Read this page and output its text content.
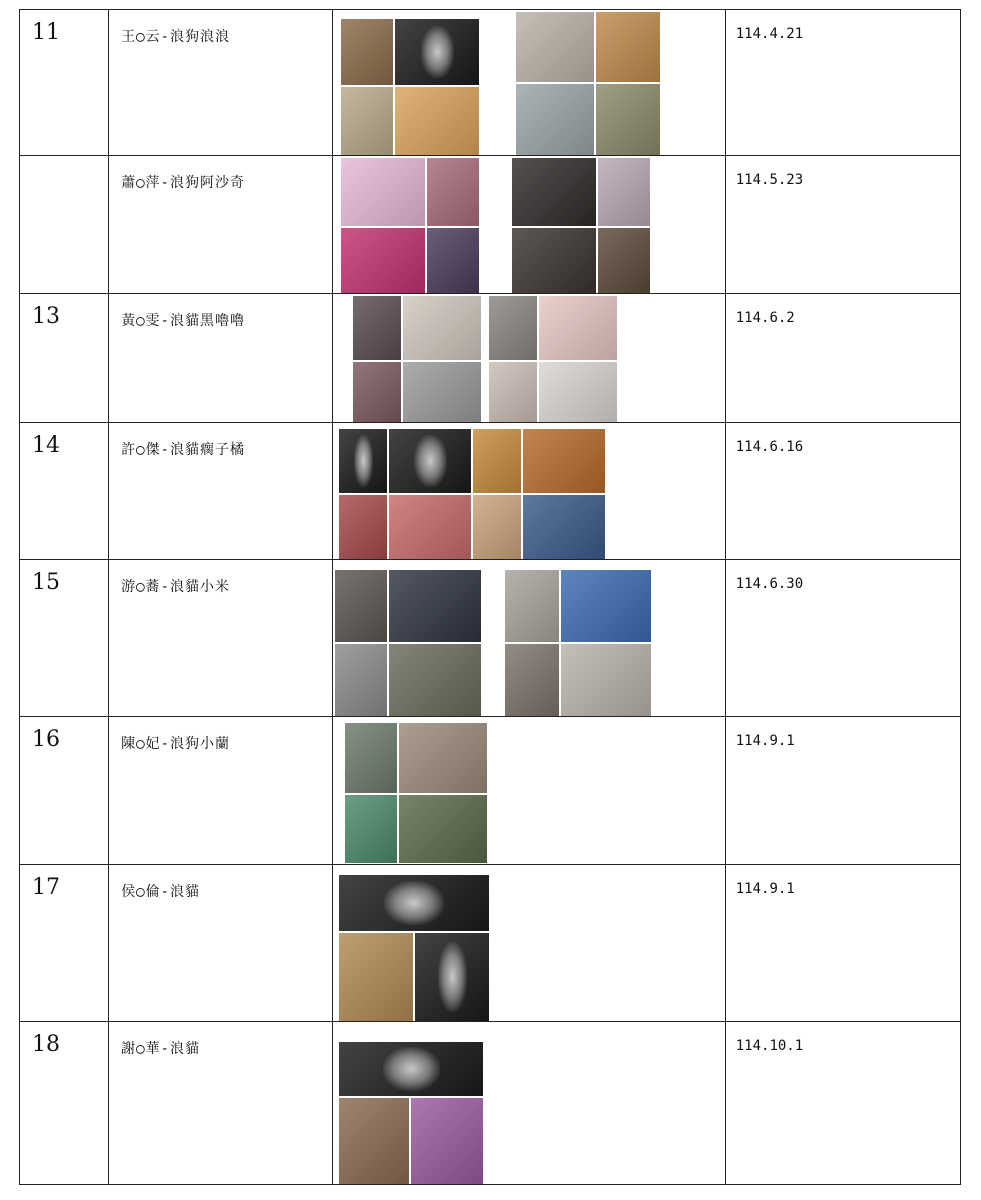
11	王◯云-浪狗浪浪		114.4.21
	蕭◯萍-浪狗阿沙奇		114.5.23
13	黃◯雯-浪貓黑嚕嚕		114.6.2
14	許◯傑-浪貓瘸子橘		114.6.16
15	游◯蕎-浪貓小米		114.6.30
16	陳◯妃-浪狗小蘭		114.9.1
17	侯◯倫-浪貓		114.9.1
18	謝◯華-浪貓		114.10.1
